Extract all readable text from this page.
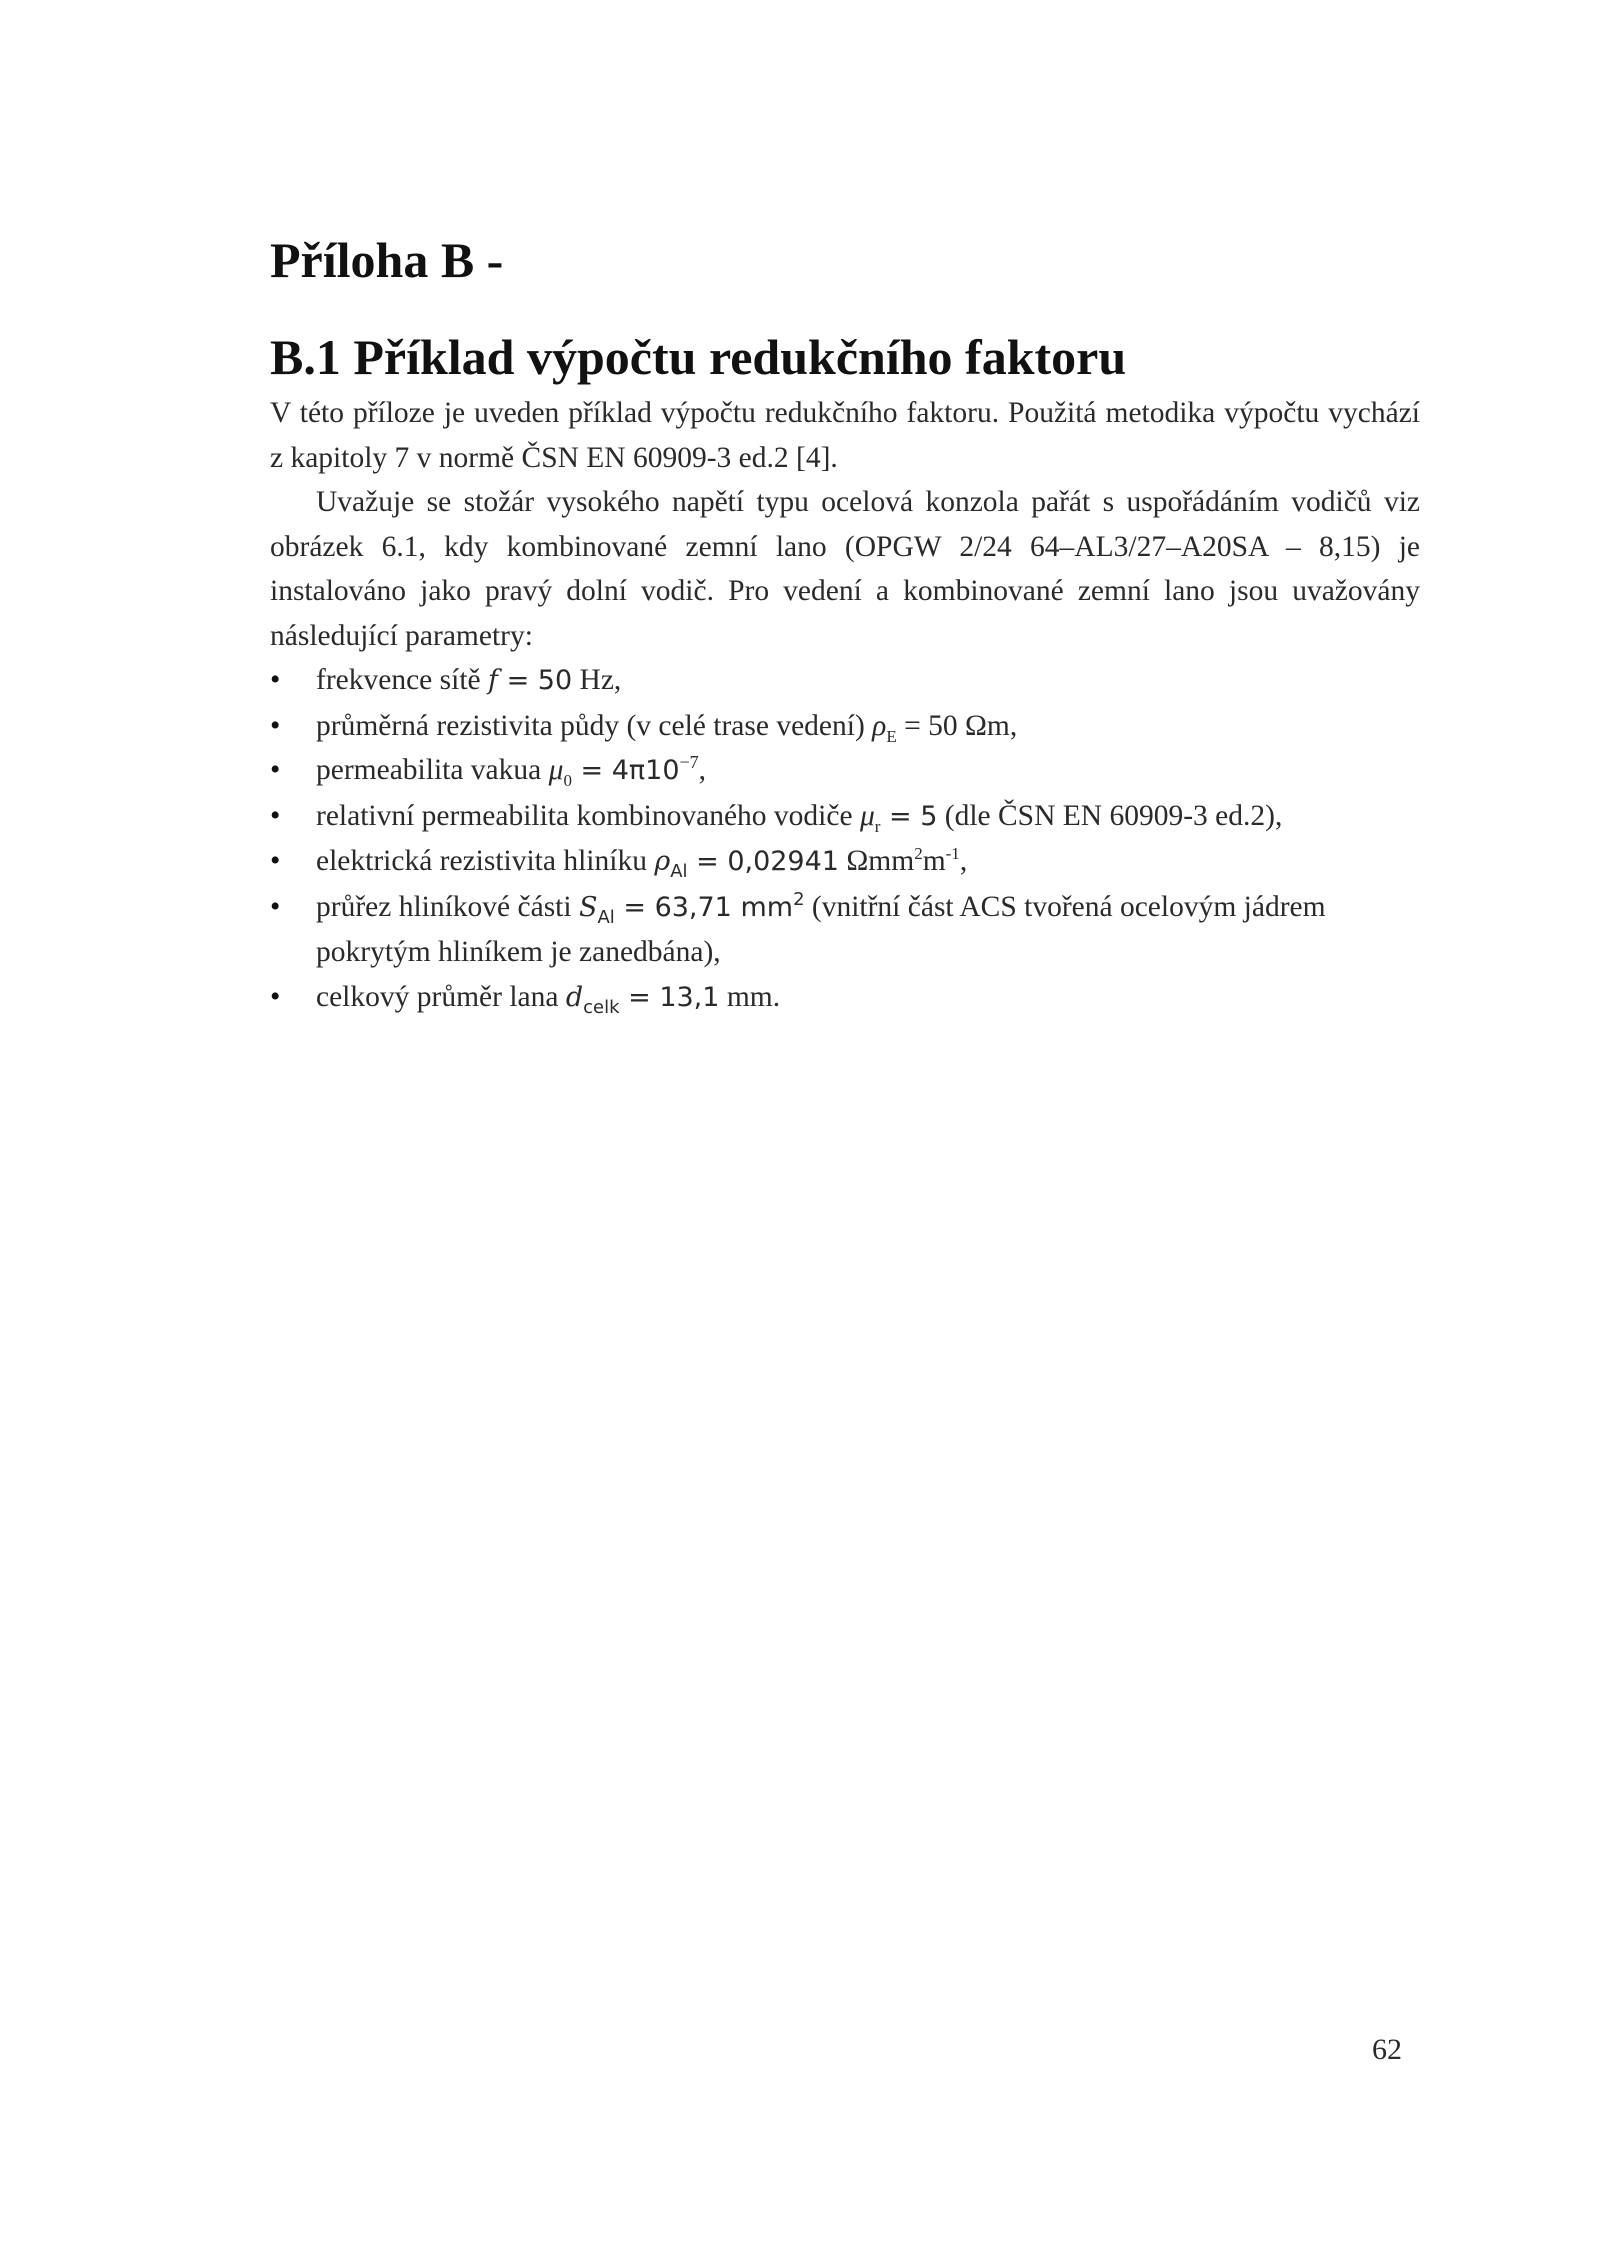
Příloha B -
B.1 Příklad výpočtu redukčního faktoru

V této příloze je uveden příklad výpočtu redukčního faktoru. Použitá metodika výpočtu vychází z kapitoly 7 v normě ČSN EN 60909-3 ed.2 [4].

Uvažuje se stožár vysokého napětí typu ocelová konzola pařát s uspořádáním vodičů viz obrázek 6.1, kdy kombinované zemní lano (OPGW 2/24 64–AL3/27–A20SA – 8,15) je instalováno jako pravý dolní vodič. Pro vedení a kombinované zemní lano jsou uvažovány následující parametry:

•	frekvence sítě f = 50 Hz,
•	průměrná rezistivita půdy (v celé trase vedení) $\rho_E = 50$ Ωm,
•	permeabilita vakua $\mu_0 = 4\pi 10^{-7}$,
•	relativní permeabilita kombinovaného vodiče $\mu_r = 5$ (dle ČSN EN 60909-3 ed.2),
•	elektrická rezistivita hliníku $\rho_{Al} = 0,02941$ $\Omega mm^2m^{-1}$,
•	průřez hliníkové části $S_{Al} = 63,71$ $mm^2$ (vnitřní část ACS tvořená ocelovým jádrem pokrytým hliníkem je zanedbána),
•	celkový průměr lana $d_{celk} = 13,1$ mm.
62
